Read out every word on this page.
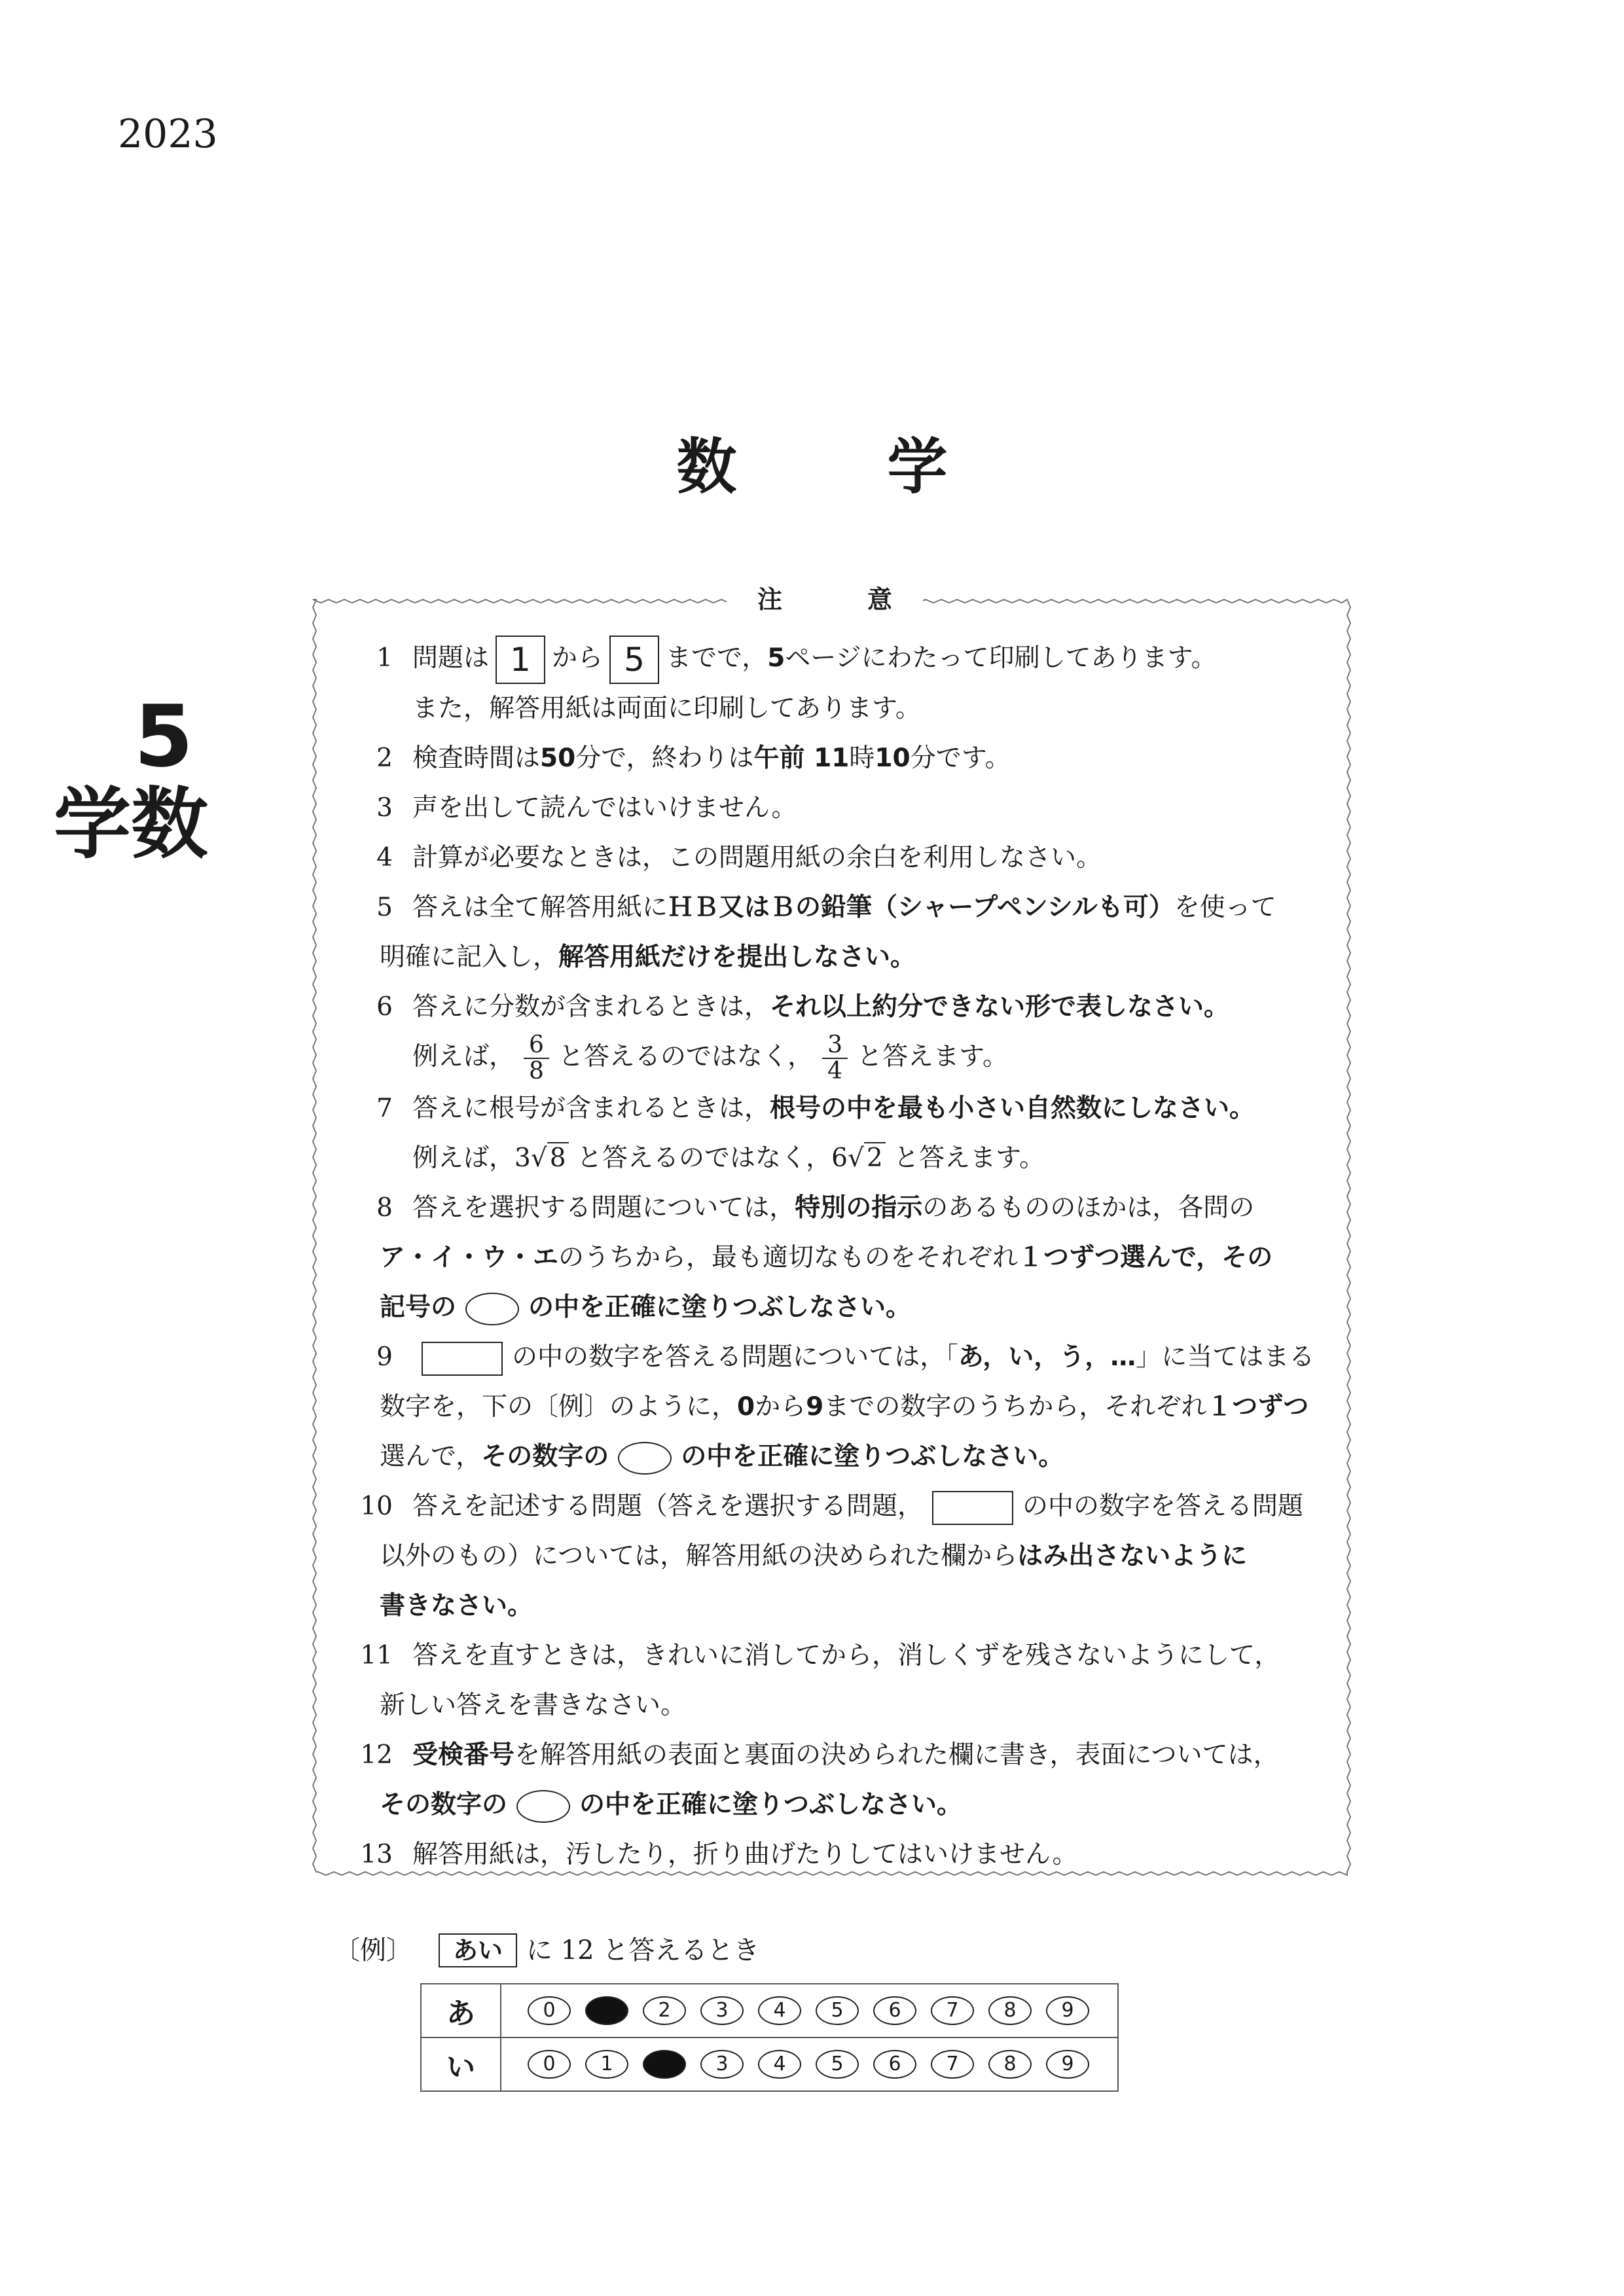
2023
数	学
5
学数
注	意
1 問題は 1 から 5 までで，5ページにわたって印刷してあります。
また，解答用紙は両面に印刷してあります。
2 検査時間は50分で，終わりは午前 11時10分です。
3 声を出して読んではいけません。
4 計算が必要なときは，この問題用紙の余白を利用しなさい。
5 答えは全て解答用紙にＨＢ又はＢの鉛筆（シャープペンシルも可）を使って
明確に記入し，解答用紙だけを提出しなさい。
6 答えに分数が含まれるときは，それ以上約分できない形で表しなさい。
例えば， $\frac{6}{8}$ と答えるのではなく， $\frac{3}{4}$ と答えます。
7 答えに根号が含まれるときは，根号の中を最も小さい自然数にしなさい。
例えば，3√ 8 と答えるのではなく，6√ 2 と答えます。
8 答えを選択する問題については，特別の指示のあるもののほかは，各問の
ア・イ・ウ・エのうちから，最も適切なものをそれぞれ１つずつ選んで，その
記号の	の中を正確に塗りつぶしなさい。
9	の中の数字を答える問題については，「あ，い，う，…」に当てはまる
数字を，下の〔例〕のように，0から9までの数字のうちから，それぞれ１つずつ
選んで，その数字の	の中を正確に塗りつぶしなさい。
10 答えを記述する問題（答えを選択する問題，	の中の数字を答える問題
以外のもの）については，解答用紙の決められた欄からはみ出さないように
書きなさい。
11 答えを直すときは，きれいに消してから，消しくずを残さないようにして，
新しい答えを書きなさい。
12 受検番号を解答用紙の表面と裏面の決められた欄に書き，表面については，
その数字の	の中を正確に塗りつぶしなさい。
13 解答用紙は，汚したり，折り曲げたりしてはいけません。
〔例〕 あい に 12 と答えるとき
あ	0 1 2 3 4 5 6 7 8 9
い	0 1 2 3 4 5 6 7 8 9
